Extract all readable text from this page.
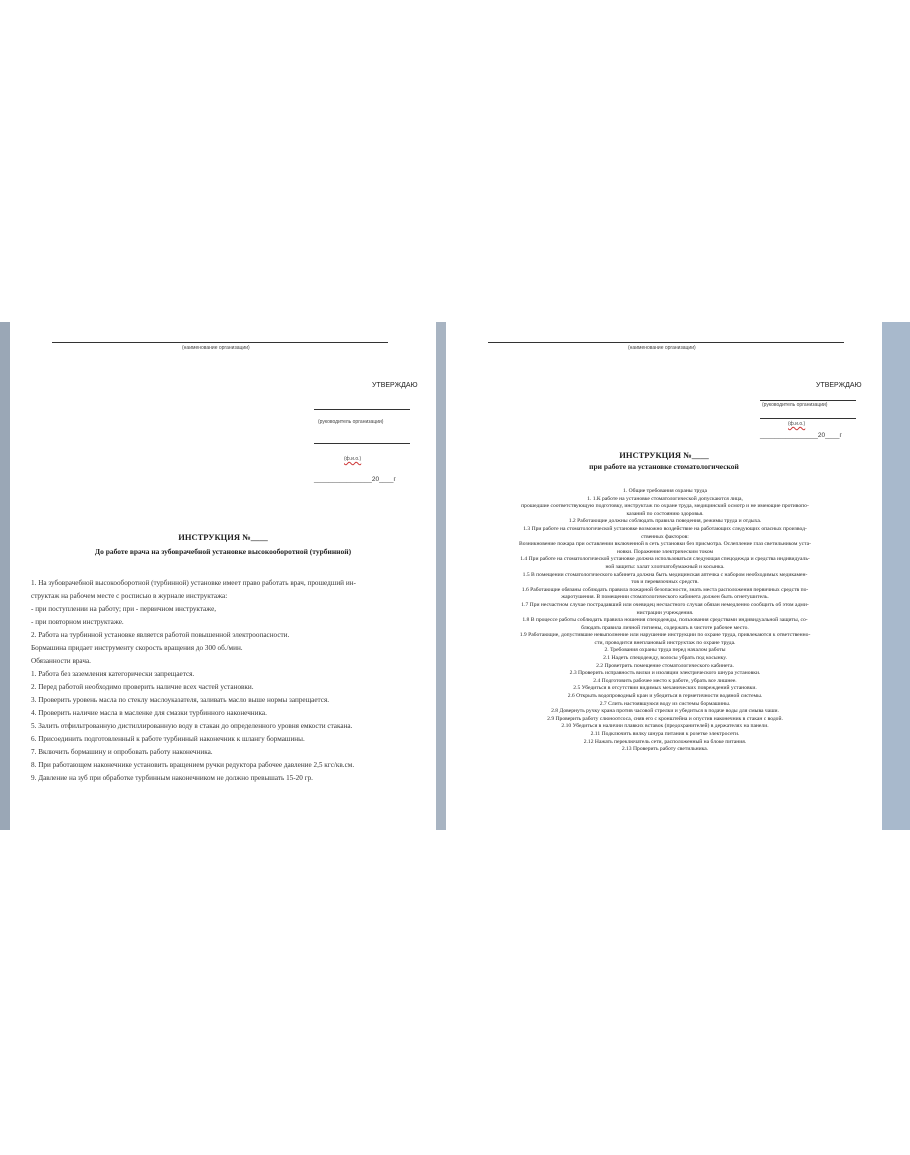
(наименование организации)

УТВЕРЖДАЮ

(руководитель организации)

(ф.и.о.)

________________20____г

ИНСТРУКЦИЯ №____

До работе врача на зубоврачебной установке высокооборотной (турбинной)

1. На зубоврачебной высокооборотной (турбинной) установке имеет право работать врач, прошедший ин-
структаж на рабочем месте с росписью в журнале инструктажа:
- при поступлении на работу; при - первичном инструктаже,
- при повторном инструктаже.
2. Работа на турбинной установке является работой повышенной электроопасности.
Бормашина придает инструменту скорость вращения до 300 об./мин.
Обязанности врача.
1. Работа без заземления категорически запрещается.
2. Перед работой необходимо проверить наличие всех частей установки.
3. Проверить уровень масла по стеклу маслоуказателя, заливать масло выше нормы запрещается.
4. Проверить наличие масла в масленке для смазки турбинного наконечника.
5. Залить отфильтрованную дистиллированную воду в стакан до определенного уровня емкости стакана.
6. Присоединить подготовленный к работе турбинный наконечник к шлангу бормашины.
7. Включить бормашину и опробовать работу наконечника.
8. При работающем наконечнике установить вращением ручки редуктора рабочее давление 2,5 кгс/кв.см.
9. Давление на зуб при обработке турбинным наконечником не должно превышать 15-20 гр.

(наименование организации)

УТВЕРЖДАЮ

(руководитель организации)

(ф.и.о.)

________________20____г

ИНСТРУКЦИЯ №____

при работе на установке стоматологической

1. Общие требования охраны труда
1. 1.К работе на установке стоматологической допускаются лица,
прошедшие соответствующую подготовку, инструктаж по охране труда, медицинский осмотр и не имеющие противопо-
казаний по состоянию здоровья.
1.2 Работающие должны соблюдать правила поведения, режимы труда и отдыха.
1.3 При работе на стоматологической установке возможно воздействие на работающих следующих опасных производ-
ственных факторов:
Возникновение пожара при оставлении включенной в сеть установки без присмотра. Ослепление глаз светильником уста-
новки. Поражение электрическим током
1.4 При работе на стоматологической установке должна использоваться следующая спецодежда и средства индивидуаль-
ной защиты: халат хлопчатобумажный и косынка.
1.5 В помещении стоматологического кабинета должна быть медицинская аптечка с набором необходимых медикамен-
тов и перевязочных средств.
1.6 Работающие обязаны соблюдать правила пожарной безопасности, знать места расположения первичных средств по-
жаротушения. В помещении стоматологического кабинета должен быть огнетушитель.
1.7 При несчастном случае пострадавший или очевидец несчастного случая обязан немедленно сообщить об этом адми-
нистрации учреждения.
1.8 В процессе работы соблюдать правила ношения спецодежды, пользования средствами индивидуальной защиты, со-
блюдать правила личной гигиены, содержать в чистоте рабочее место.
1.9 Работающие, допустившие невыполнение или нарушение инструкции по охране труда, привлекаются к ответственно-
сти, проводится внеплановый инструктаж по охране труда.
2. Требования охраны труда перед началом работы
2.1 Надеть спецодежду, волосы убрать под косынку.
2.2 Проветрить помещение стоматологического кабинета.
2.3 Проверить исправность вилки и изоляции электрического шнура установки.
2.4 Подготовить рабочее место к работе, убрать все лишнее.
2.5 Убедиться в отсутствии видимых механических повреждений установки.
2.6 Открыть водопроводный кран и убедиться в герметичности водяной системы.
2.7 Слить настоявшуюся воду из системы бормашины.
2.8 Довернуть ручку крана против часовой стрелки и убедиться в подаче воды для смыва чаши.
2.9 Проверить работу слюноотсоса, сняв его с кронштейна и опустив наконечник в стакан с водой.
2.10 Убедиться в наличии плавких вставок (предохранителей) в держателях на панели.
2.11 Подключить вилку шнура питания к розетке электросети.
2.12 Нажать переключатель сети, расположенный на блоке питания.
2.13 Проверить работу светильника.
